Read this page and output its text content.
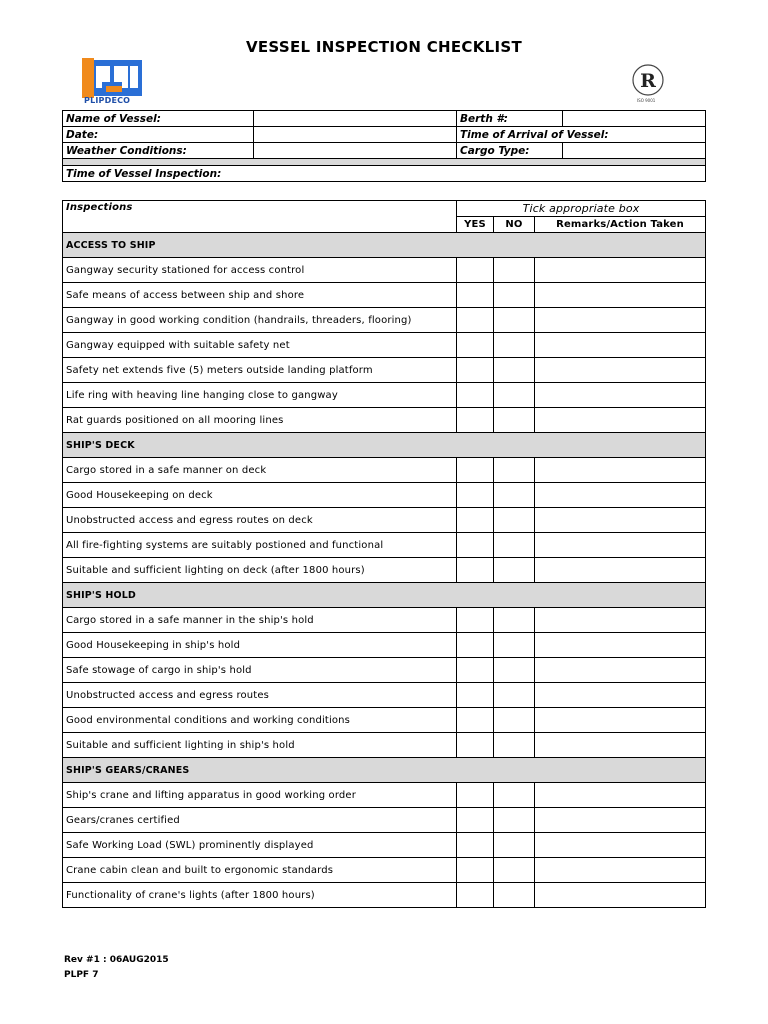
VESSEL INSPECTION CHECKLIST
PLIPDECO
R
ISO 9001
Name of Vessel:		Berth #:	
Date:		Time of Arrival of Vessel:	
Weather Conditions:		Cargo Type:	

Time of Vessel Inspection:			
Inspections	Tick appropriate box		
	YES	NO	Remarks/Action Taken
ACCESS TO SHIP			
Gangway security stationed for access control			
Safe means of access between ship and shore			
Gangway in good working condition (handrails, threaders, flooring)			
Gangway equipped with suitable safety net			
Safety net extends five (5) meters outside landing platform			
Life ring with heaving line hanging close to gangway			
Rat guards positioned on all mooring lines			
SHIP'S DECK			
Cargo stored in a safe manner on deck			
Good Housekeeping on deck			
Unobstructed access and egress routes on deck			
All fire-fighting systems are suitably postioned and functional			
Suitable and sufficient lighting on deck (after 1800 hours)			
SHIP'S HOLD			
Cargo stored in a safe manner in the ship's hold			
Good Housekeeping in ship's hold			
Safe stowage of cargo in ship's hold			
Unobstructed access and egress routes			
Good environmental conditions and working conditions			
Suitable and sufficient lighting in ship's hold			
SHIP'S GEARS/CRANES			
Ship's crane and lifting apparatus in good working order			
Gears/cranes certified			
Safe Working Load (SWL) prominently displayed			
Crane cabin clean and built to ergonomic standards			
Functionality of crane's lights (after 1800 hours)			
Rev #1 : 06AUG2015
PLPF 7
